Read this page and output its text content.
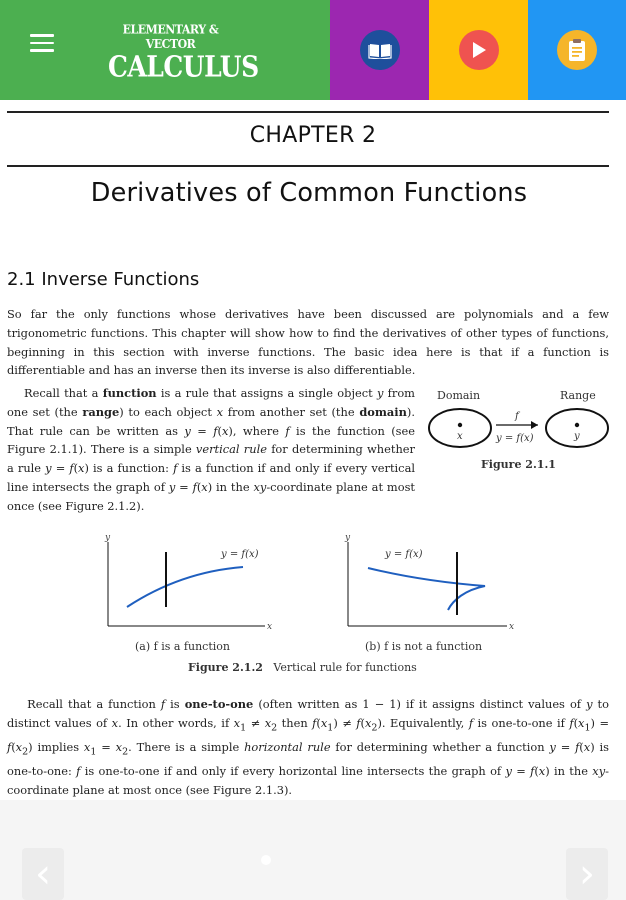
ELEMENTARY & VECTOR
CALCULUS
CHAPTER 2
Derivatives of Common Functions
2.1 Inverse Functions
So far the only functions whose derivatives have been discussed are polynomials and a few trigonometric functions. This chapter will show how to find the derivatives of other types of functions, beginning in this section with inverse functions. The basic idea here is that if a function is differentiable and has an inverse then its inverse is also differentiable.
Recall that a function is a rule that assigns a single object y from one set (the range) to each object x from another set (the domain). That rule can be written as y = f(x), where f is the function (see Figure 2.1.1). There is a simple vertical rule for determining whether a rule y = f(x) is a function: f is a function if and only if every vertical line intersects the graph of y = f(x) in the xy-coordinate plane at most once (see Figure 2.1.2).
Domain	Range
x	y
f
y = f(x)
Figure 2.1.1
y
x
y = f(x)
(a) f is a function
y
x
y = f(x)
(b) f is not a function
Figure 2.1.2 Vertical rule for functions
Recall that a function f is one-to-one (often written as 1 − 1) if it assigns distinct values of y to distinct values of x. In other words, if $x_1 \ne x_2$ then $f(x_1) \ne f(x_2)$. Equivalently, f is one-to-one if $f(x_1) = f(x_2)$ implies $x_1 = x_2$. There is a simple horizontal rule for determining whether a function y = f(x) is one-to-one: f is one-to-one if and only if every horizontal line intersects the graph of y = f(x) in the xy-coordinate plane at most once (see Figure 2.1.3).
‹	›
